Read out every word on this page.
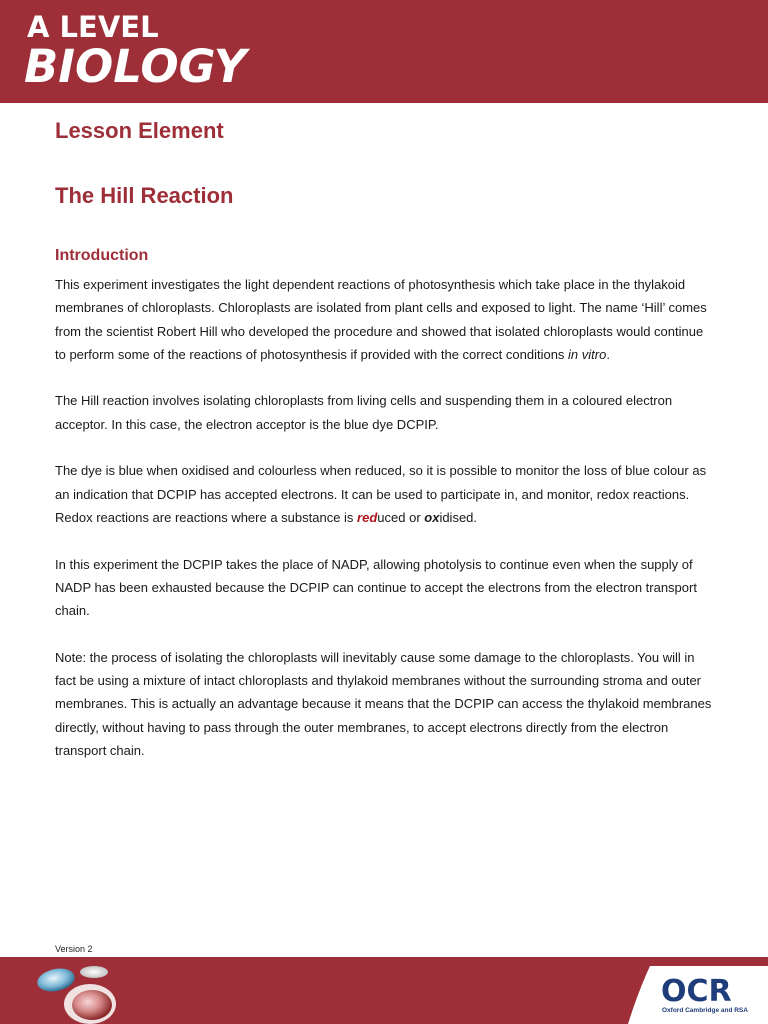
A LEVEL
BIOLOGY
Lesson Element
The Hill Reaction
Introduction

This experiment investigates the light dependent reactions of photosynthesis which take place in the thylakoid membranes of chloroplasts. Chloroplasts are isolated from plant cells and exposed to light. The name ‘Hill’ comes from the scientist Robert Hill who developed the procedure and showed that isolated chloroplasts would continue to perform some of the reactions of photosynthesis if provided with the correct conditions in vitro.

The Hill reaction involves isolating chloroplasts from living cells and suspending them in a coloured electron acceptor. In this case, the electron acceptor is the blue dye DCPIP.

The dye is blue when oxidised and colourless when reduced, so it is possible to monitor the loss of blue colour as an indication that DCPIP has accepted electrons. It can be used to participate in, and monitor, redox reactions. Redox reactions are reactions where a substance is reduced or oxidised.

In this experiment the DCPIP takes the place of NADP, allowing photolysis to continue even when the supply of NADP has been exhausted because the DCPIP can continue to accept the electrons from the electron transport chain.

Note: the process of isolating the chloroplasts will inevitably cause some damage to the chloroplasts. You will in fact be using a mixture of intact chloroplasts and thylakoid membranes without the surrounding stroma and outer membranes. This is actually an advantage because it means that the DCPIP can access the thylakoid membranes directly, without having to pass through the outer membranes, to accept electrons directly from the electron transport chain.

Version 2
OCR
Oxford Cambridge and RSA
